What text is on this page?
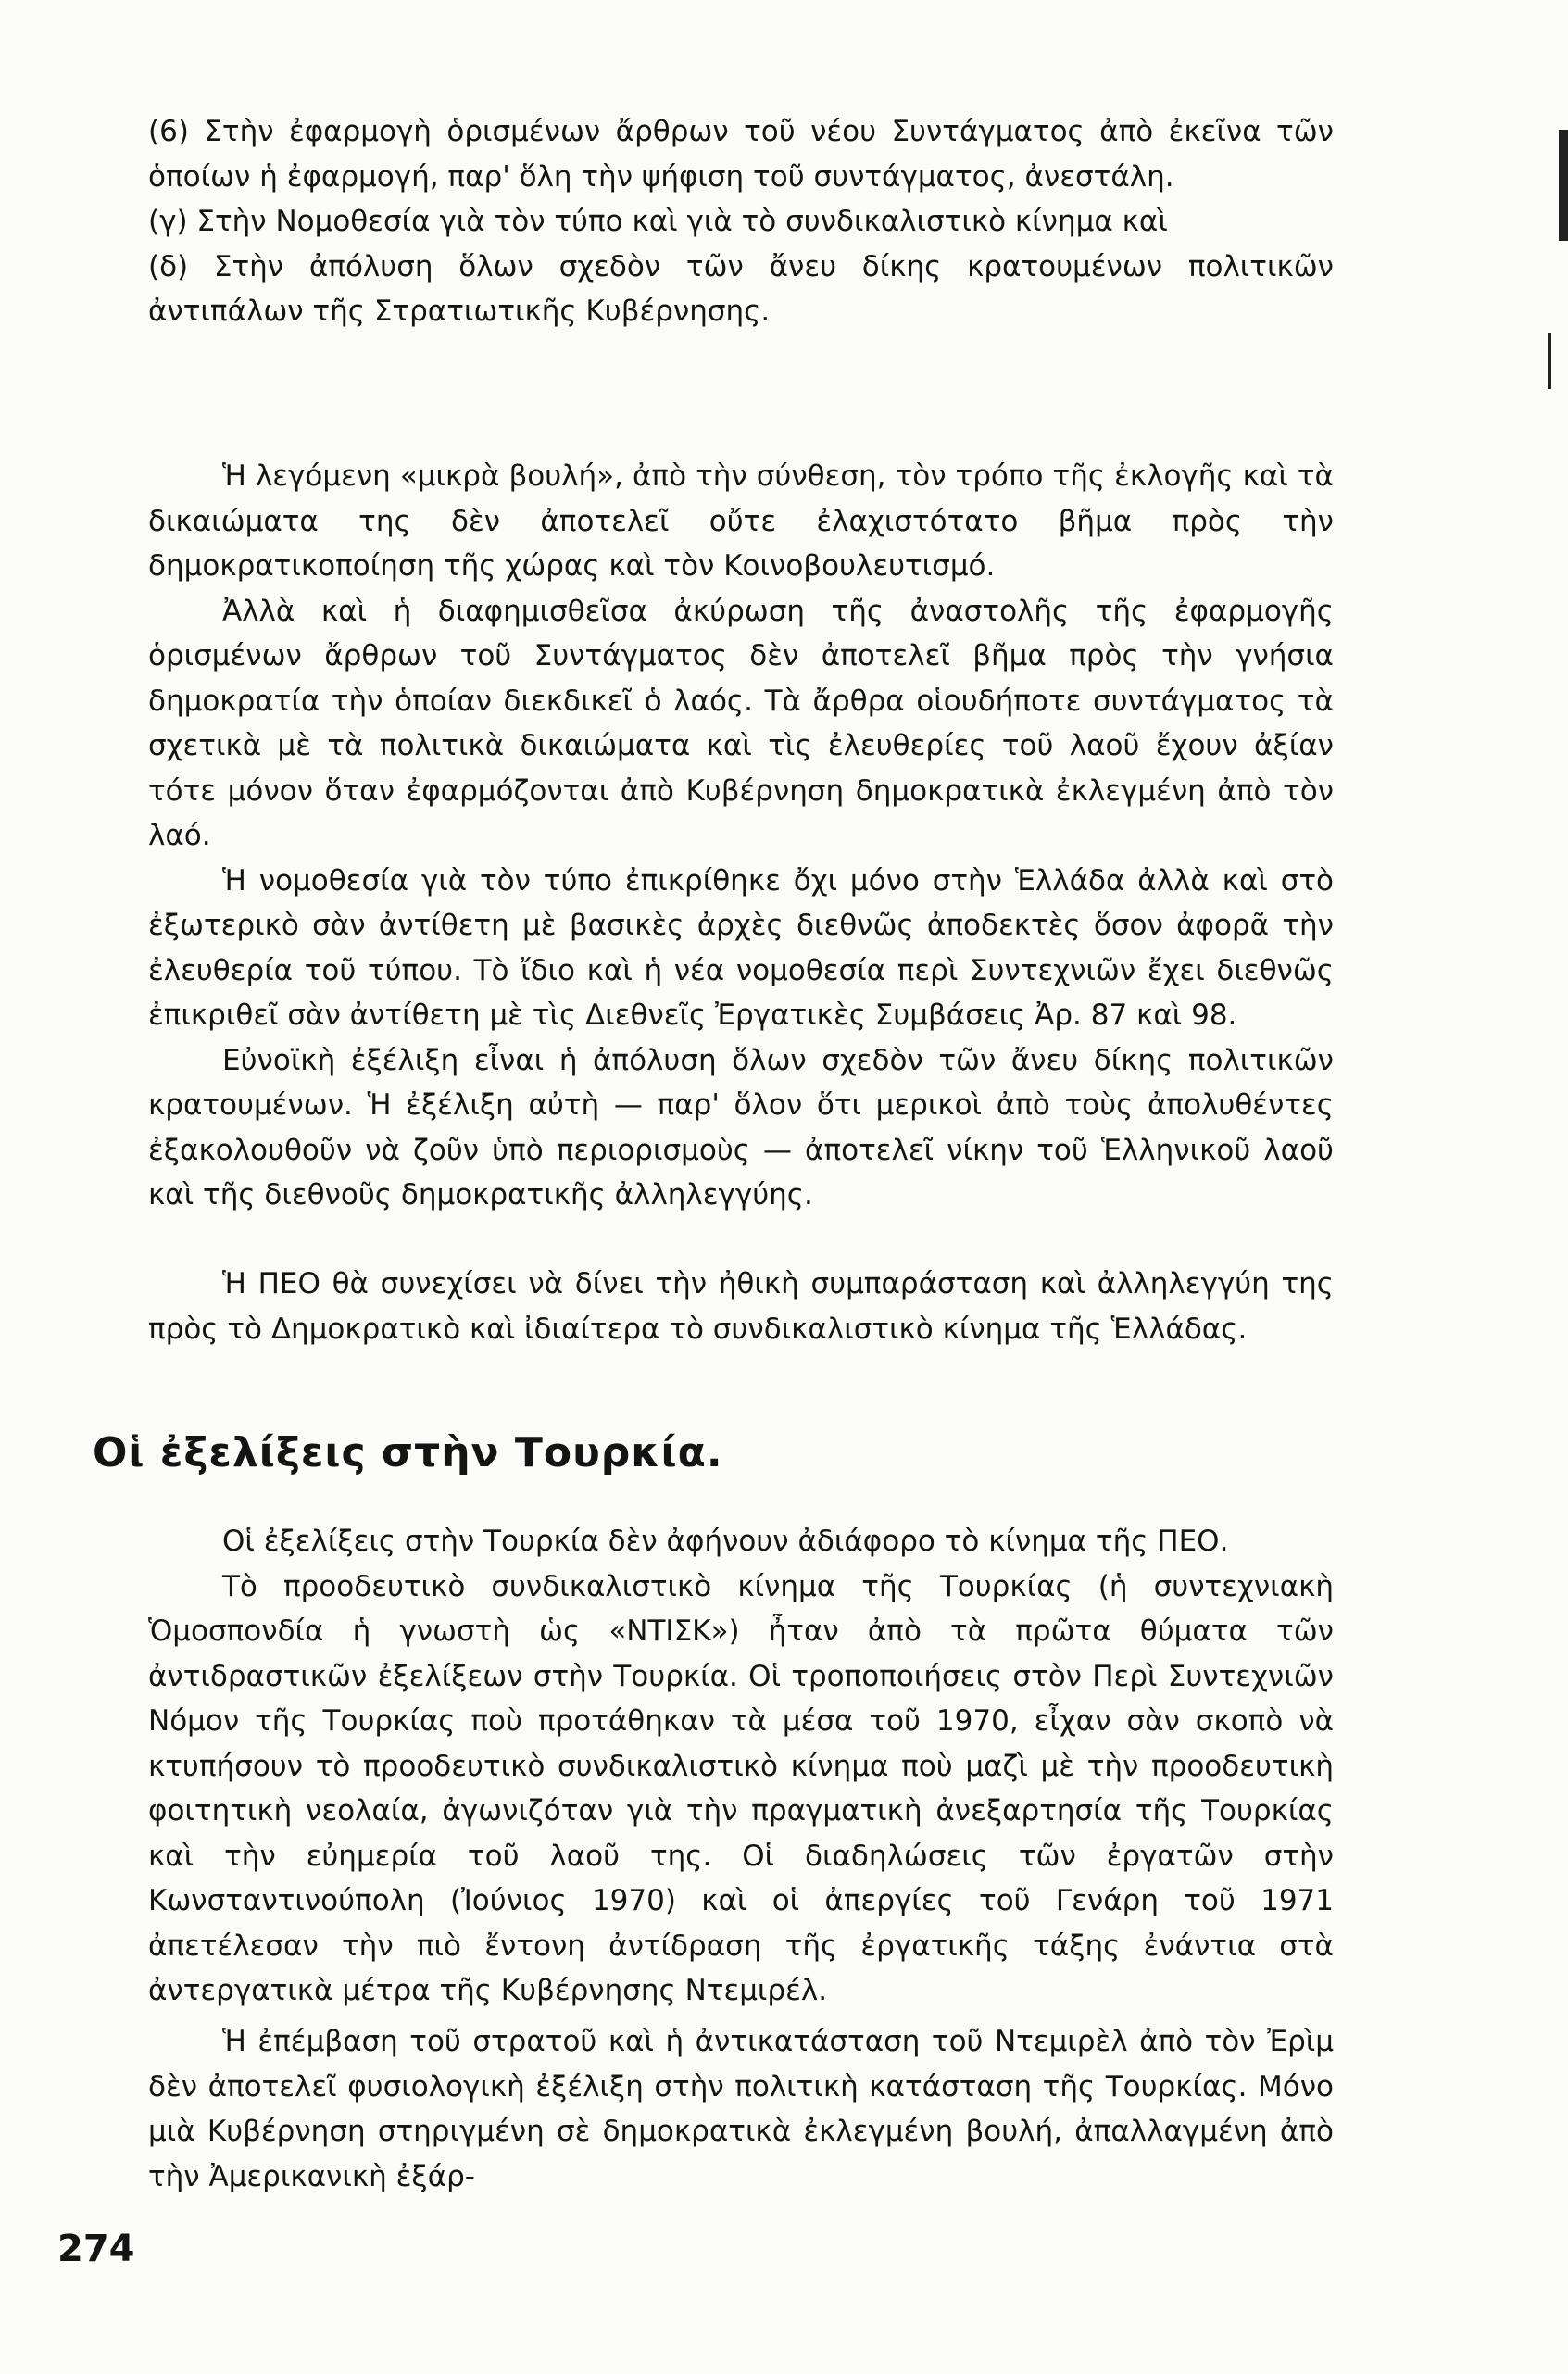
(6) Στὴν ἐφαρμογὴ ὁρισμένων ἄρθρων τοῦ νέου Συντάγματος ἀπὸ ἐκεῖνα τῶν ὁποίων ἡ ἐφαρμογή, παρ' ὅλη τὴν ψήφιση τοῦ συντάγματος, ἀνεστάλη.

(γ) Στὴν Νομοθεσία γιὰ τὸν τύπο καὶ γιὰ τὸ συνδικαλιστικὸ κίνημα καὶ

(δ) Στὴν ἀπόλυση ὅλων σχεδὸν τῶν ἄνευ δίκης κρατουμένων πολιτικῶν ἀντιπάλων τῆς Στρατιωτικῆς Κυβέρνησης.

Ἡ λεγόμενη «μικρὰ βουλή», ἀπὸ τὴν σύνθεση, τὸν τρόπο τῆς ἐκλογῆς καὶ τὰ δικαιώματα της δὲν ἀποτελεῖ οὔτε ἐλαχιστότατο βῆμα πρὸς τὴν δημοκρατικοποίηση τῆς χώρας καὶ τὸν Κοινοβουλευτισμό.

Ἀλλὰ καὶ ἡ διαφημισθεῖσα ἀκύρωση τῆς ἀναστολῆς τῆς ἐφαρμογῆς ὁρισμένων ἄρθρων τοῦ Συντάγματος δὲν ἀποτελεῖ βῆμα πρὸς τὴν γνήσια δημοκρατία τὴν ὁποίαν διεκδικεῖ ὁ λαός. Τὰ ἄρθρα οἱουδήποτε συντάγματος τὰ σχετικὰ μὲ τὰ πολιτικὰ δικαιώματα καὶ τὶς ἐλευθερίες τοῦ λαοῦ ἔχουν ἀξίαν τότε μόνον ὅταν ἐφαρμόζονται ἀπὸ Κυβέρνηση δημοκρατικὰ ἐκλεγμένη ἀπὸ τὸν λαό.

Ἡ νομοθεσία γιὰ τὸν τύπο ἐπικρίθηκε ὄχι μόνο στὴν Ἑλλάδα ἀλλὰ καὶ στὸ ἐξωτερικὸ σὰν ἀντίθετη μὲ βασικὲς ἀρχὲς διεθνῶς ἀποδεκτὲς ὅσον ἀφορᾶ τὴν ἐλευθερία τοῦ τύπου. Τὸ ἴδιο καὶ ἡ νέα νομοθεσία περὶ Συντεχνιῶν ἔχει διεθνῶς ἐπικριθεῖ σὰν ἀντίθετη μὲ τὶς Διεθνεῖς Ἐργατικὲς Συμβάσεις Ἀρ. 87 καὶ 98.

Εὐνοϊκὴ ἐξέλιξη εἶναι ἡ ἀπόλυση ὅλων σχεδὸν τῶν ἄνευ δίκης πολιτικῶν κρατουμένων. Ἡ ἐξέλιξη αὐτὴ — παρ' ὅλον ὅτι μερικοὶ ἀπὸ τοὺς ἀπολυθέντες ἐξακολουθοῦν νὰ ζοῦν ὑπὸ περιορισμοὺς — ἀποτελεῖ νίκην τοῦ Ἑλληνικοῦ λαοῦ καὶ τῆς διεθνοῦς δημοκρατικῆς ἀλληλεγγύης.

Ἡ ΠΕΟ θὰ συνεχίσει νὰ δίνει τὴν ἠθικὴ συμπαράσταση καὶ ἀλληλεγγύη της πρὸς τὸ Δημοκρατικὸ καὶ ἰδιαίτερα τὸ συνδικαλιστικὸ κίνημα τῆς Ἑλλάδας.

Οἱ ἐξελίξεις στὴν Τουρκία.

Οἱ ἐξελίξεις στὴν Τουρκία δὲν ἀφήνουν ἀδιάφορο τὸ κίνημα τῆς ΠΕΟ.

Τὸ προοδευτικὸ συνδικαλιστικὸ κίνημα τῆς Τουρκίας (ἡ συντεχνιακὴ Ὁμοσπονδία ἡ γνωστὴ ὡς «ΝΤΙΣΚ») ἦταν ἀπὸ τὰ πρῶτα θύματα τῶν ἀντιδραστικῶν ἐξελίξεων στὴν Τουρκία. Οἱ τροποποιήσεις στὸν Περὶ Συντεχνιῶν Νόμον τῆς Τουρκίας ποὺ προτάθηκαν τὰ μέσα τοῦ 1970, εἶχαν σὰν σκοπὸ νὰ κτυπήσουν τὸ προοδευτικὸ συνδικαλιστικὸ κίνημα ποὺ μαζὶ μὲ τὴν προοδευτικὴ φοιτητικὴ νεολαία, ἀγωνιζόταν γιὰ τὴν πραγματικὴ ἀνεξαρτησία τῆς Τουρκίας καὶ τὴν εὐημερία τοῦ λαοῦ της. Οἱ διαδηλώσεις τῶν ἐργατῶν στὴν Κωνσταντινούπολη (Ἰούνιος 1970) καὶ οἱ ἀπεργίες τοῦ Γενάρη τοῦ 1971 ἀπετέλεσαν τὴν πιὸ ἔντονη ἀντίδραση τῆς ἐργατικῆς τάξης ἐνάντια στὰ ἀντεργατικὰ μέτρα τῆς Κυβέρνησης Ντεμιρέλ.

Ἡ ἐπέμβαση τοῦ στρατοῦ καὶ ἡ ἀντικατάσταση τοῦ Ντεμιρὲλ ἀπὸ τὸν Ἐρὶμ δὲν ἀποτελεῖ φυσιολογικὴ ἐξέλιξη στὴν πολιτικὴ κατάσταση τῆς Τουρκίας. Μόνο μιὰ Κυβέρνηση στηριγμένη σὲ δημοκρατικὰ ἐκλεγμένη βουλή, ἀπαλλαγμένη ἀπὸ τὴν Ἀμερικανικὴ ἐξάρ-

274
